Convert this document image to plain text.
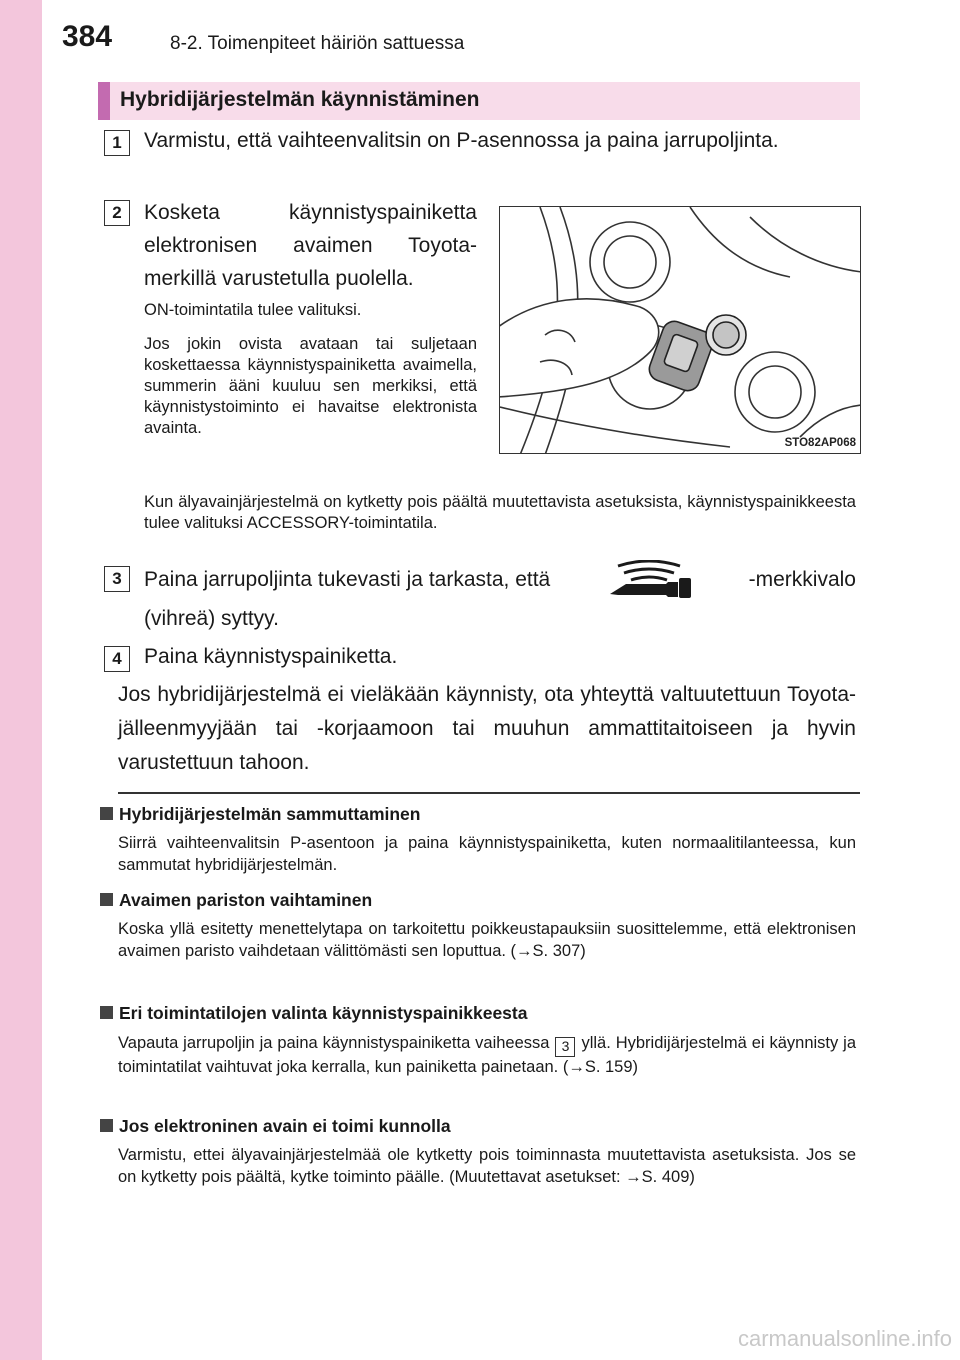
384	8-2. Toimenpiteet häiriön sattuessa
Hybridijärjestelmän käynnistäminen
1	Varmistu, että vaihteenvalitsin on P-asennossa ja paina jarrupoljinta.
2	Kosketa käynnistyspainiketta elektronisen avaimen Toyota-merkillä varustetulla puolella.
ON-toimintatila tulee valituksi.
Jos jokin ovista avataan tai suljetaan koskettaessa käynnistyspainiketta avaimella, summerin ääni kuuluu sen merkiksi, että käynnistystoiminto ei havaitse elektronista avainta.
STO82AP068
Kun älyavainjärjestelmä on kytketty pois päältä muutettavista asetuksista, käynnistyspainikkeesta tulee valituksi ACCESSORY-toimintatila.
3	Paina jarrupoljinta tukevasti ja tarkasta, että	-merkkivalo
(vihreä) syttyy.
4	Paina käynnistyspainiketta.
Jos hybridijärjestelmä ei vieläkään käynnisty, ota yhteyttä valtuutettuun Toyota-jälleenmyyjään tai -korjaamoon tai muuhun ammattitaitoiseen ja hyvin varustettuun tahoon.
Hybridijärjestelmän sammuttaminen
Siirrä vaihteenvalitsin P-asentoon ja paina käynnistyspainiketta, kuten normaalitilanteessa, kun sammutat hybridijärjestelmän.
Avaimen pariston vaihtaminen
Koska yllä esitetty menettelytapa on tarkoitettu poikkeustapauksiin suosittelemme, että elektronisen avaimen paristo vaihdetaan välittömästi sen loputtua. (→S. 307)
Eri toimintatilojen valinta käynnistyspainikkeesta
Vapauta jarrupoljin ja paina käynnistyspainiketta vaiheessa 3 yllä. Hybridijärjestelmä ei käynnisty ja toimintatilat vaihtuvat joka kerralla, kun painiketta painetaan. (→S. 159)
Jos elektroninen avain ei toimi kunnolla
Varmistu, ettei älyavainjärjestelmää ole kytketty pois toiminnasta muutettavista asetuksista. Jos se on kytketty pois päältä, kytke toiminto päälle. (Muutettavat asetukset: →S. 409)
carmanualsonline.info
